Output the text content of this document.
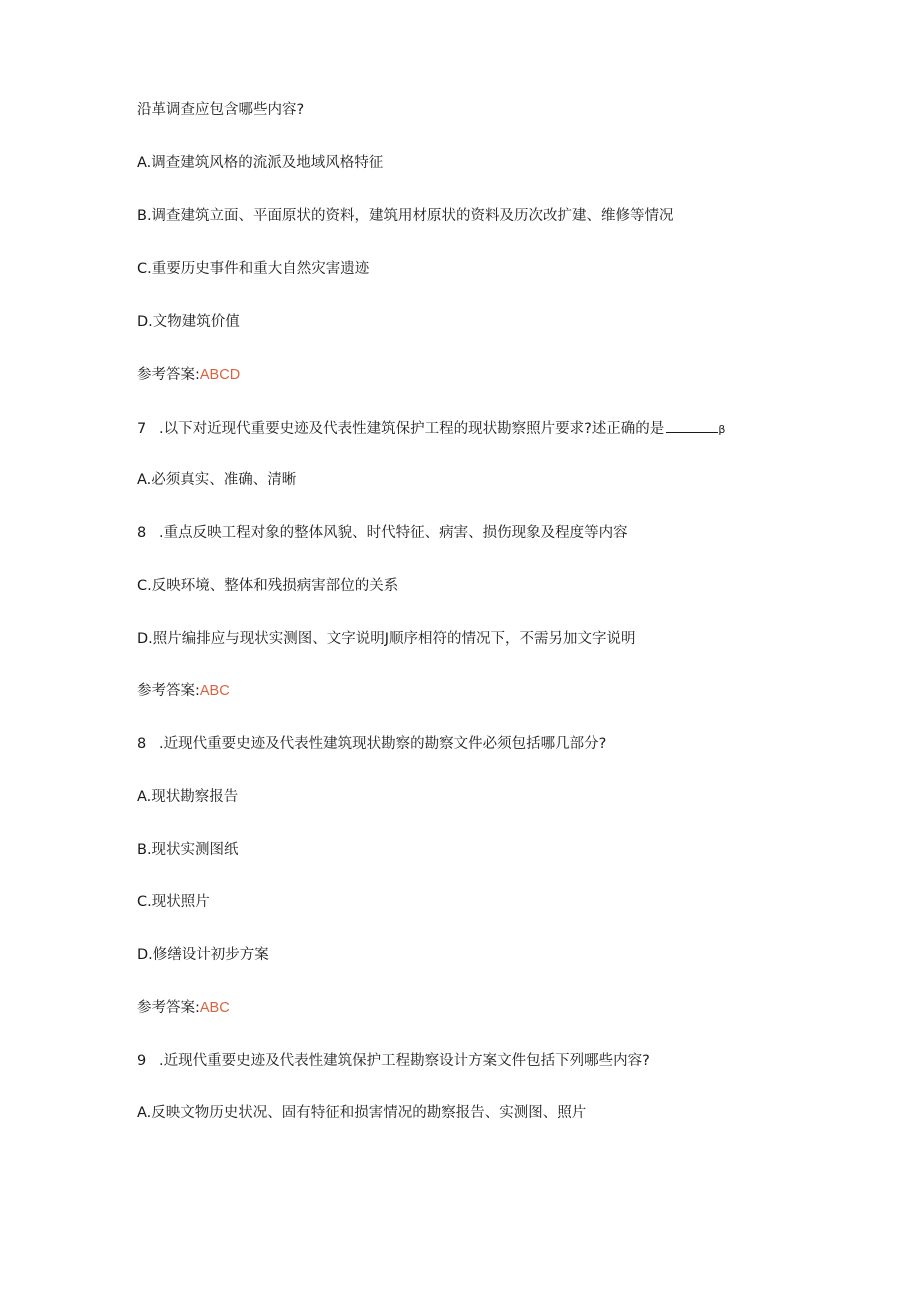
沿革调查应包含哪些内容?
A.调查建筑风格的流派及地域风格特征
B.调查建筑立面、平面原状的资料，建筑用材原状的资料及历次改扩建、维修等情况
C.重要历史事件和重大自然灾害遗迹
D.文物建筑价值
参考答案:ABCD
7 .以下对近现代重要史迹及代表性建筑保护工程的现状勘察照片要求?述正确的是	β
A.必须真实、准确、清晰
8 .重点反映工程对象的整体风貌、时代特征、病害、损伤现象及程度等内容
C.反映环境、整体和残损病害部位的关系
D.照片编排应与现状实测图、文字说明J顺序相符的情况下，不需另加文字说明
参考答案:ABC
8 .近现代重要史迹及代表性建筑现状勘察的勘察文件必须包括哪几部分?
A.现状勘察报告
B.现状实测图纸
C.现状照片
D.修缮设计初步方案
参考答案:ABC
9 .近现代重要史迹及代表性建筑保护工程勘察设计方案文件包括下列哪些内容?
A.反映文物历史状况、固有特征和损害情况的勘察报告、实测图、照片
